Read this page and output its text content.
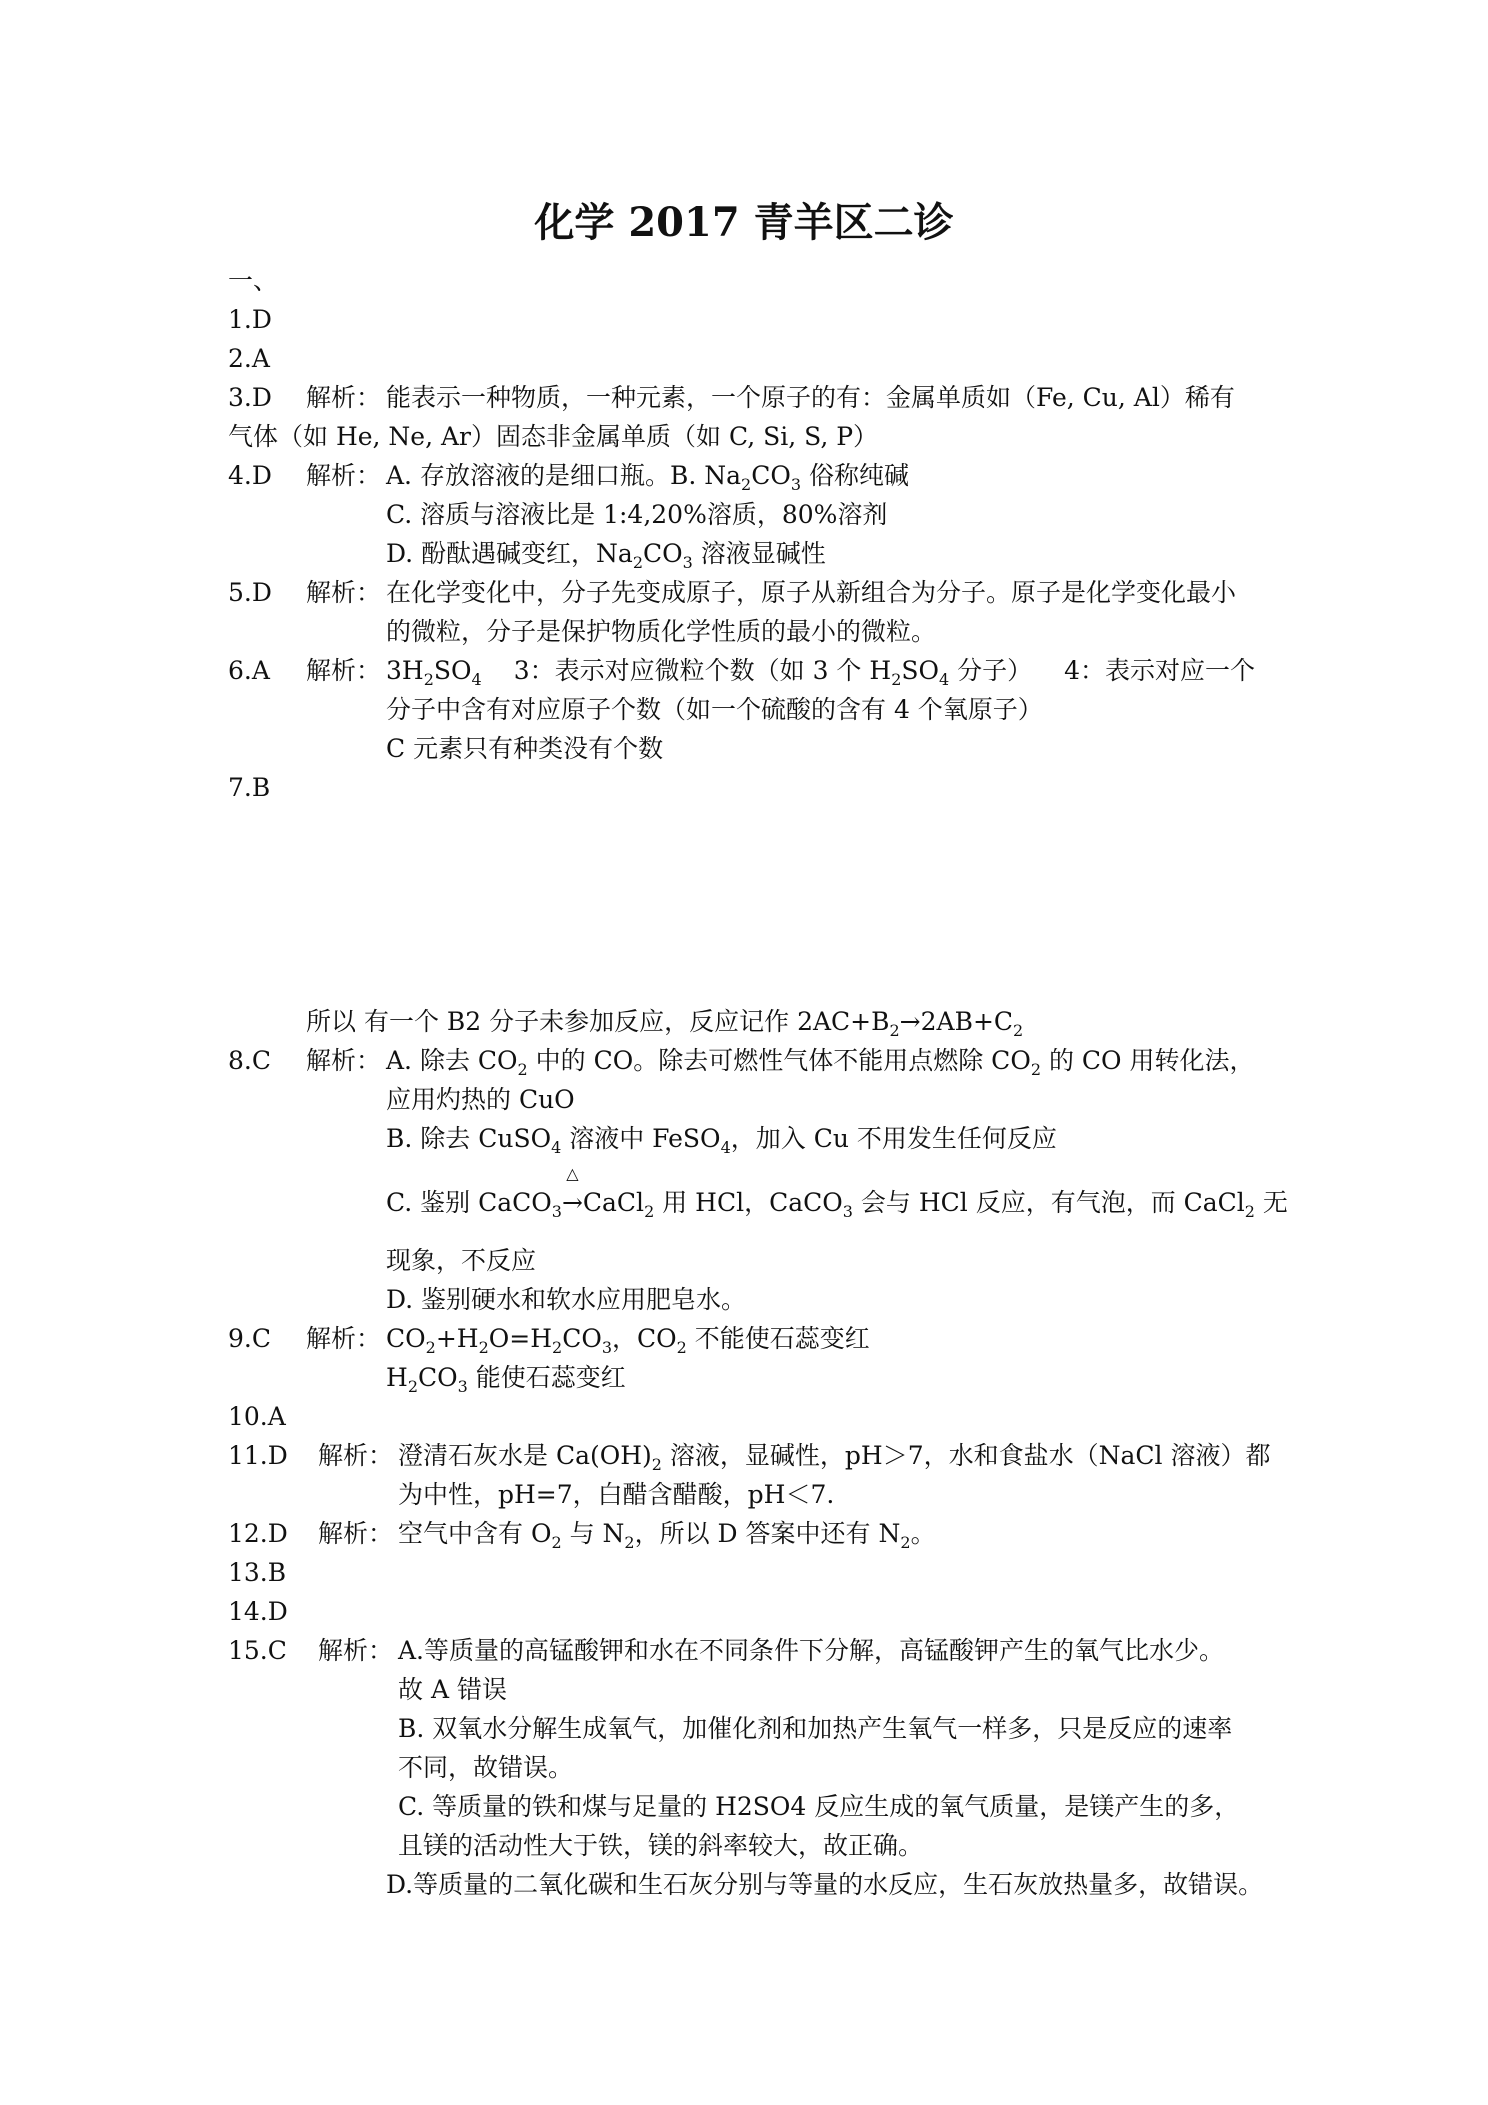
化学 2017 青羊区二诊
一、
1.D
2.A
3.D 解析： 能表示一种物质，一种元素，一个原子的有：金属单质如（Fe, Cu, Al）稀有
气体（如 He, Ne, Ar）固态非金属单质（如 C, Si, S, P）
4.D 解析： A. 存放溶液的是细口瓶。B. $Na_2CO_3$ 俗称纯碱
C. 溶质与溶液比是 1:4,20%溶质，80%溶剂
D. 酚酞遇碱变红，$Na_2CO_3$ 溶液显碱性
5.D 解析： 在化学变化中，分子先变成原子，原子从新组合为分子。原子是化学变化最小
的微粒，分子是保护物质化学性质的最小的微粒。
6.A 解析： $3H_2SO_4$ 3：表示对应微粒个数（如 3 个 $H_2SO_4$ 分子） 4：表示对应一个
分子中含有对应原子个数（如一个硫酸的含有 4 个氧原子）
C 元素只有种类没有个数
7.B
所以 有一个 B2 分子未参加反应，反应记作 $2AC+B_2\to 2AB+C_2$
8.C 解析： A. 除去 $CO_2$ 中的 CO。除去可燃性气体不能用点燃除 $CO_2$ 的 CO 用转化法，
应用灼热的 CuO
B. 除去 CuSO$_4$ 溶液中 FeSO$_4$，加入 Cu 不用发生任何反应
C. 鉴别 CaCO$_3$
△
→CaCl$_2$ 用 HCl，CaCO$_3$ 会与 HCl 反应，有气泡，而 CaCl$_2$ 无
现象，不反应
D. 鉴别硬水和软水应用肥皂水。
9.C 解析： $CO_2+H_2O=H_2CO_3$，$CO_2$ 不能使石蕊变红
$H_2CO_3$ 能使石蕊变红
10.A
11.D 解析： 澄清石灰水是 $Ca(OH)_2$ 溶液，显碱性，pH＞7，水和食盐水（NaCl 溶液）都
为中性，pH=7，白醋含醋酸，pH＜7.
12.D 解析： 空气中含有 $O_2$ 与 $N_2$，所以 D 答案中还有 $N_2$。
13.B
14.D
15.C 解析： A.等质量的高锰酸钾和水在不同条件下分解，高锰酸钾产生的氧气比水少。
故 A 错误
B. 双氧水分解生成氧气，加催化剂和加热产生氧气一样多，只是反应的速率
不同，故错误。
C. 等质量的铁和煤与足量的 H2SO4 反应生成的氧气质量，是镁产生的多，
且镁的活动性大于铁，镁的斜率较大，故正确。
D.等质量的二氧化碳和生石灰分别与等量的水反应，生石灰放热量多，故错误。
